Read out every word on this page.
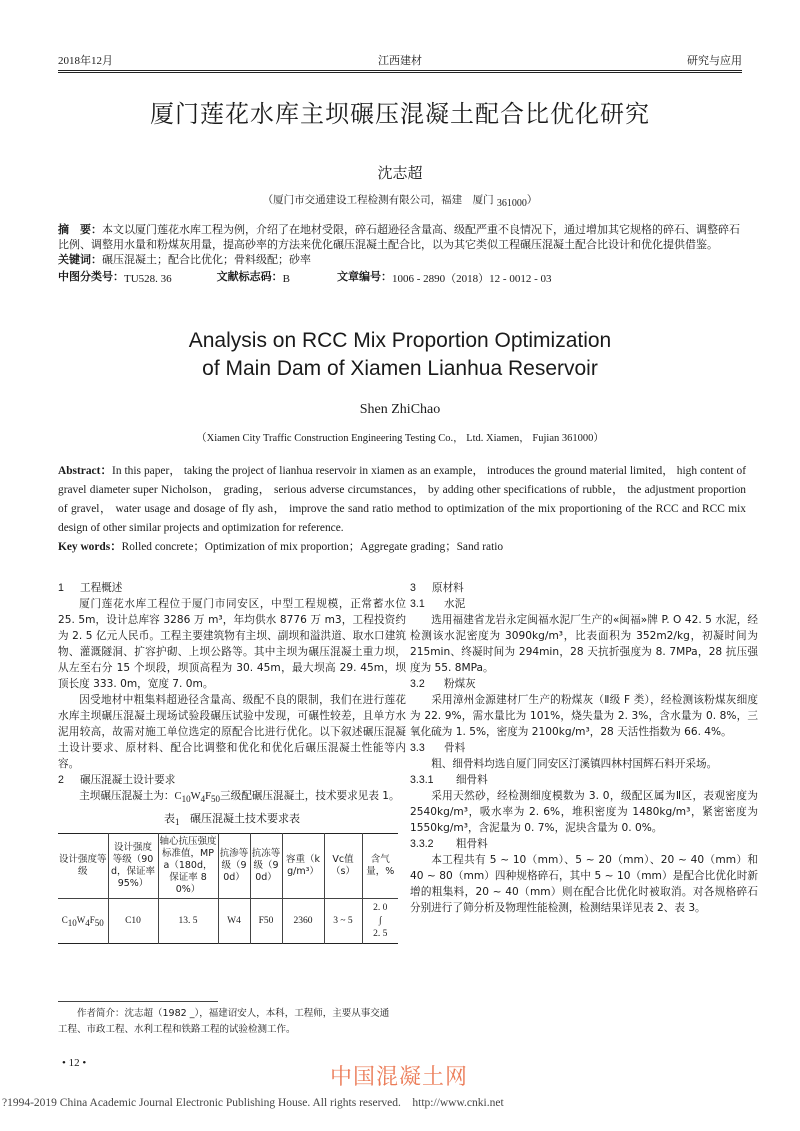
2018年12月	江西建材	研究与应用
厦门莲花水库主坝碾压混凝土配合比优化研究
沈志超
（厦门市交通建设工程检测有限公司，福建　厦门 361000）

摘　要：本文以厦门莲花水库工程为例，介绍了在地材受限，碎石超逊径含量高、级配严重不良情况下，通过增加其它规格的碎石、调整碎石比例、调整用水量和粉煤灰用量，提高砂率的方法来优化碾压混凝土配合比，以为其它类似工程碾压混凝土配合比设计和优化提供借鉴。

关键词：碾压混凝土；配合比优化；骨料级配；砂率

中图分类号：TU528. 36	文献标志码：B	文章编号：1006 - 2890（2018）12 - 0012 - 03

Analysis on RCC Mix Proportion Optimization
of Main Dam of Xiamen Lianhua Reservoir
Shen ZhiChao
（Xiamen City Traffic Construction Engineering Testing Co.， Ltd. Xiamen， Fujian 361000）

Abstract：In this paper， taking the project of lianhua reservoir in xiamen as an example， introduces the ground material limited， high content of gravel diameter super Nicholson， grading， serious adverse circumstances， by adding other specifications of rubble， the adjustment proportion of gravel， water usage and dosage of fly ash， improve the sand ratio method to optimization of the mix proportioning of the RCC and RCC mix design of other similar projects and optimization for reference.

Key words：Rolled concrete；Optimization of mix proportion；Aggregate grading；Sand ratio

1 工程概述

厦门莲花水库工程位于厦门市同安区，中型工程规模，正常蓄水位 25. 5m，设计总库容 3286 万 m³，年均供水 8776 万 m3，工程投资约为 2. 5 亿元人民币。工程主要建筑物有主坝、副坝和溢洪道、取水口建筑物、灌溉隧洞、扩容护砌、上坝公路等。其中主坝为碾压混凝土重力坝，从左至右分 15 个坝段，坝顶高程为 30. 45m，最大坝高 29. 45m，坝顶长度 333. 0m，宽度 7. 0m。

因受地材中粗集料超逊径含量高、级配不良的限制，我们在进行莲花水库主坝碾压混凝土现场试验段碾压试验中发现，可碾性较差，且单方水泥用较高，故需对施工单位选定的原配合比进行优化。以下叙述碾压混凝土设计要求、原材料、配合比调整和优化和优化后碾压混凝土性能等内容。

2 碾压混凝土设计要求

主坝碾压混凝土为：$C_{10}W_4F_{50}$三级配碾压混凝土，技术要求见表 1。

表$_1$ 碾压混凝土技术要求表
设计强度等级	设计强度等级（90d，保证率95%）	轴心抗压强度标准值，MPa（180d，保证率 80%）	抗渗等级（90d）	抗冻等级（90d）	容重（kg/m³）	Vc值（s）	含气量，%
C10W4F50	C10	13. 5	W4	F50	2360	3 ~ 5	2. 0
∫
2. 5
3 原材料
3.1 水泥

选用福建省龙岩永定闽福水泥厂生产的«闽福»牌 P. O 42. 5 水泥，经检测该水泥密度为 3090kg/m³，比表面积为 352m2/kg，初凝时间为 215min、终凝时间为 294min，28 天抗折强度为 8. 7MPa，28 抗压强度为 55. 8MPa。

3.2 粉煤灰

采用漳州金源建材厂生产的粉煤灰（Ⅱ级 F 类），经检测该粉煤灰细度为 22. 9%，需水量比为 101%，烧失量为 2. 3%，含水量为 0. 8%，三氧化硫为 1. 5%，密度为 2100kg/m³，28 天活性指数为 66. 4%。

3.3 骨料

粗、细骨料均选自厦门同安区汀溪镇四林村国辉石料开采场。

3.3.1 细骨料

采用天然砂，经检测细度模数为 3. 0，级配区属为Ⅱ区，表观密度为 2540kg/m³，吸水率为 2. 6%，堆积密度为 1480kg/m³，紧密密度为 1550kg/m³，含泥量为 0. 7%，泥块含量为 0. 0%。

3.3.2 粗骨料

本工程共有 5 ~ 10（mm）、5 ~ 20（mm）、20 ~ 40（mm）和 40 ~ 80（mm）四种规格碎石，其中 5 ~ 10（mm）是配合比优化时新增的粗集料，20 ~ 40（mm）则在配合比优化时被取消。对各规格碎石分别进行了筛分析及物理性能检测，检测结果详见表 2、表 3。

作者简介：沈志超（1982 _），福建诏安人，本科，工程师，主要从事交通工程、市政工程、水利工程和铁路工程的试验检测工作。

• 12 •
中国混凝土网
?1994-2019 China Academic Journal Electronic Publishing House. All rights reserved.    http://www.cnki.net
